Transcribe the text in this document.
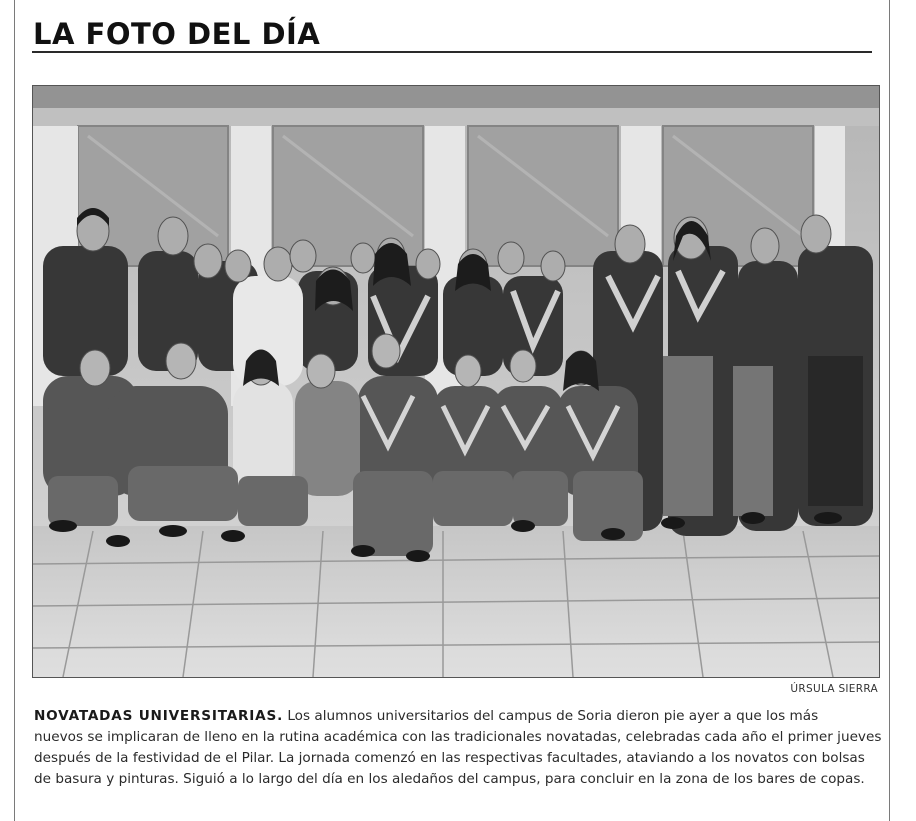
LA FOTO DEL DÍA
ÚRSULA SIERRA

NOVATADAS UNIVERSITARIAS. Los alumnos universitarios del campus de Soria dieron pie ayer a que los más
nuevos se implicaran de lleno en la rutina académica con las tradicionales novatadas, celebradas cada año el primer jueves
después de la festividad de el Pilar. La jornada comenzó en las respectivas facultades, ataviando a los novatos con bolsas
de basura y pinturas. Siguió a lo largo del día en los aledaños del campus, para concluir en la zona de los bares de copas.
